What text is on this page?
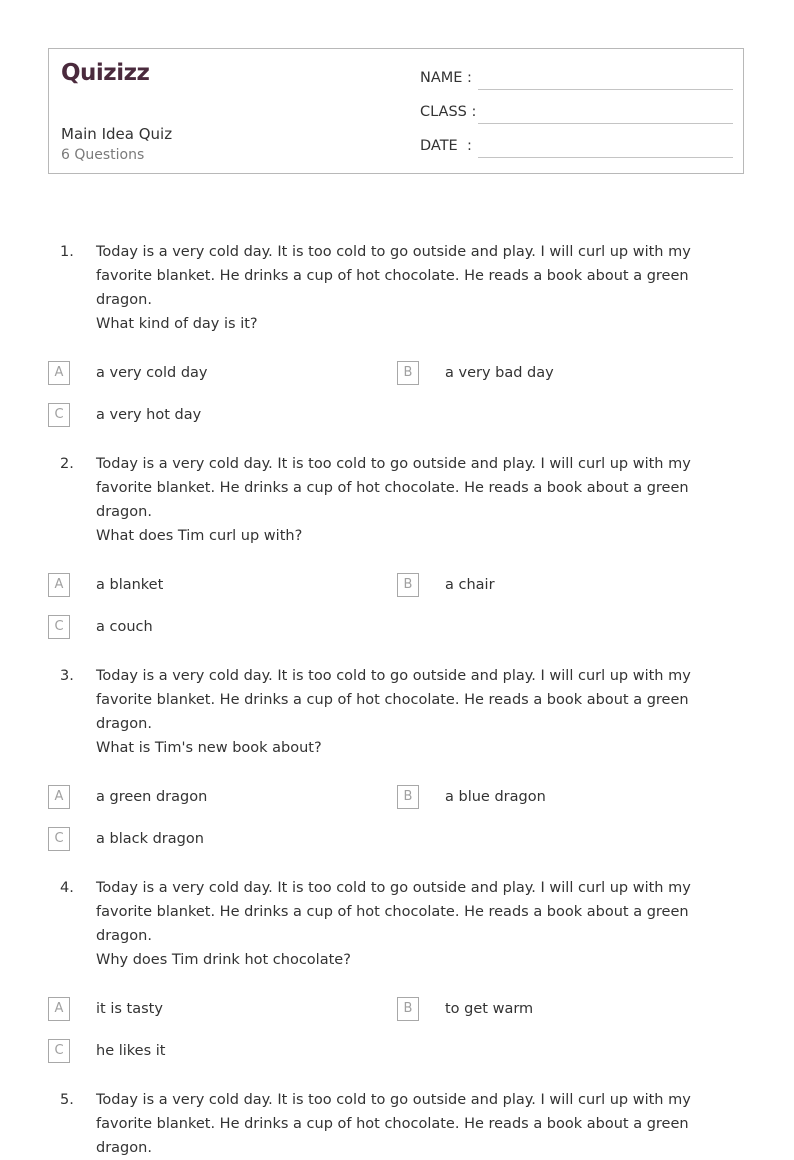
Quizizz
Main Idea Quiz
6 Questions
NAME :
CLASS :
DATE  :
1. Today is a very cold day. It is too cold to go outside and play. I will curl up with my favorite blanket. He drinks a cup of hot chocolate. He reads a book about a green dragon.
What kind of day is it?
A	a very cold day	B	a very bad day
C	a very hot day
2. Today is a very cold day. It is too cold to go outside and play. I will curl up with my favorite blanket. He drinks a cup of hot chocolate. He reads a book about a green dragon.
What does Tim curl up with?
A	a blanket	B	a chair
C	a couch
3. Today is a very cold day. It is too cold to go outside and play. I will curl up with my favorite blanket. He drinks a cup of hot chocolate. He reads a book about a green dragon.
What is Tim's new book about?
A	a green dragon	B	a blue dragon
C	a black dragon
4. Today is a very cold day. It is too cold to go outside and play. I will curl up with my favorite blanket. He drinks a cup of hot chocolate. He reads a book about a green dragon.
Why does Tim drink hot chocolate?
A	it is tasty	B	to get warm
C	he likes it
5. Today is a very cold day. It is too cold to go outside and play. I will curl up with my favorite blanket. He drinks a cup of hot chocolate. He reads a book about a green dragon.
